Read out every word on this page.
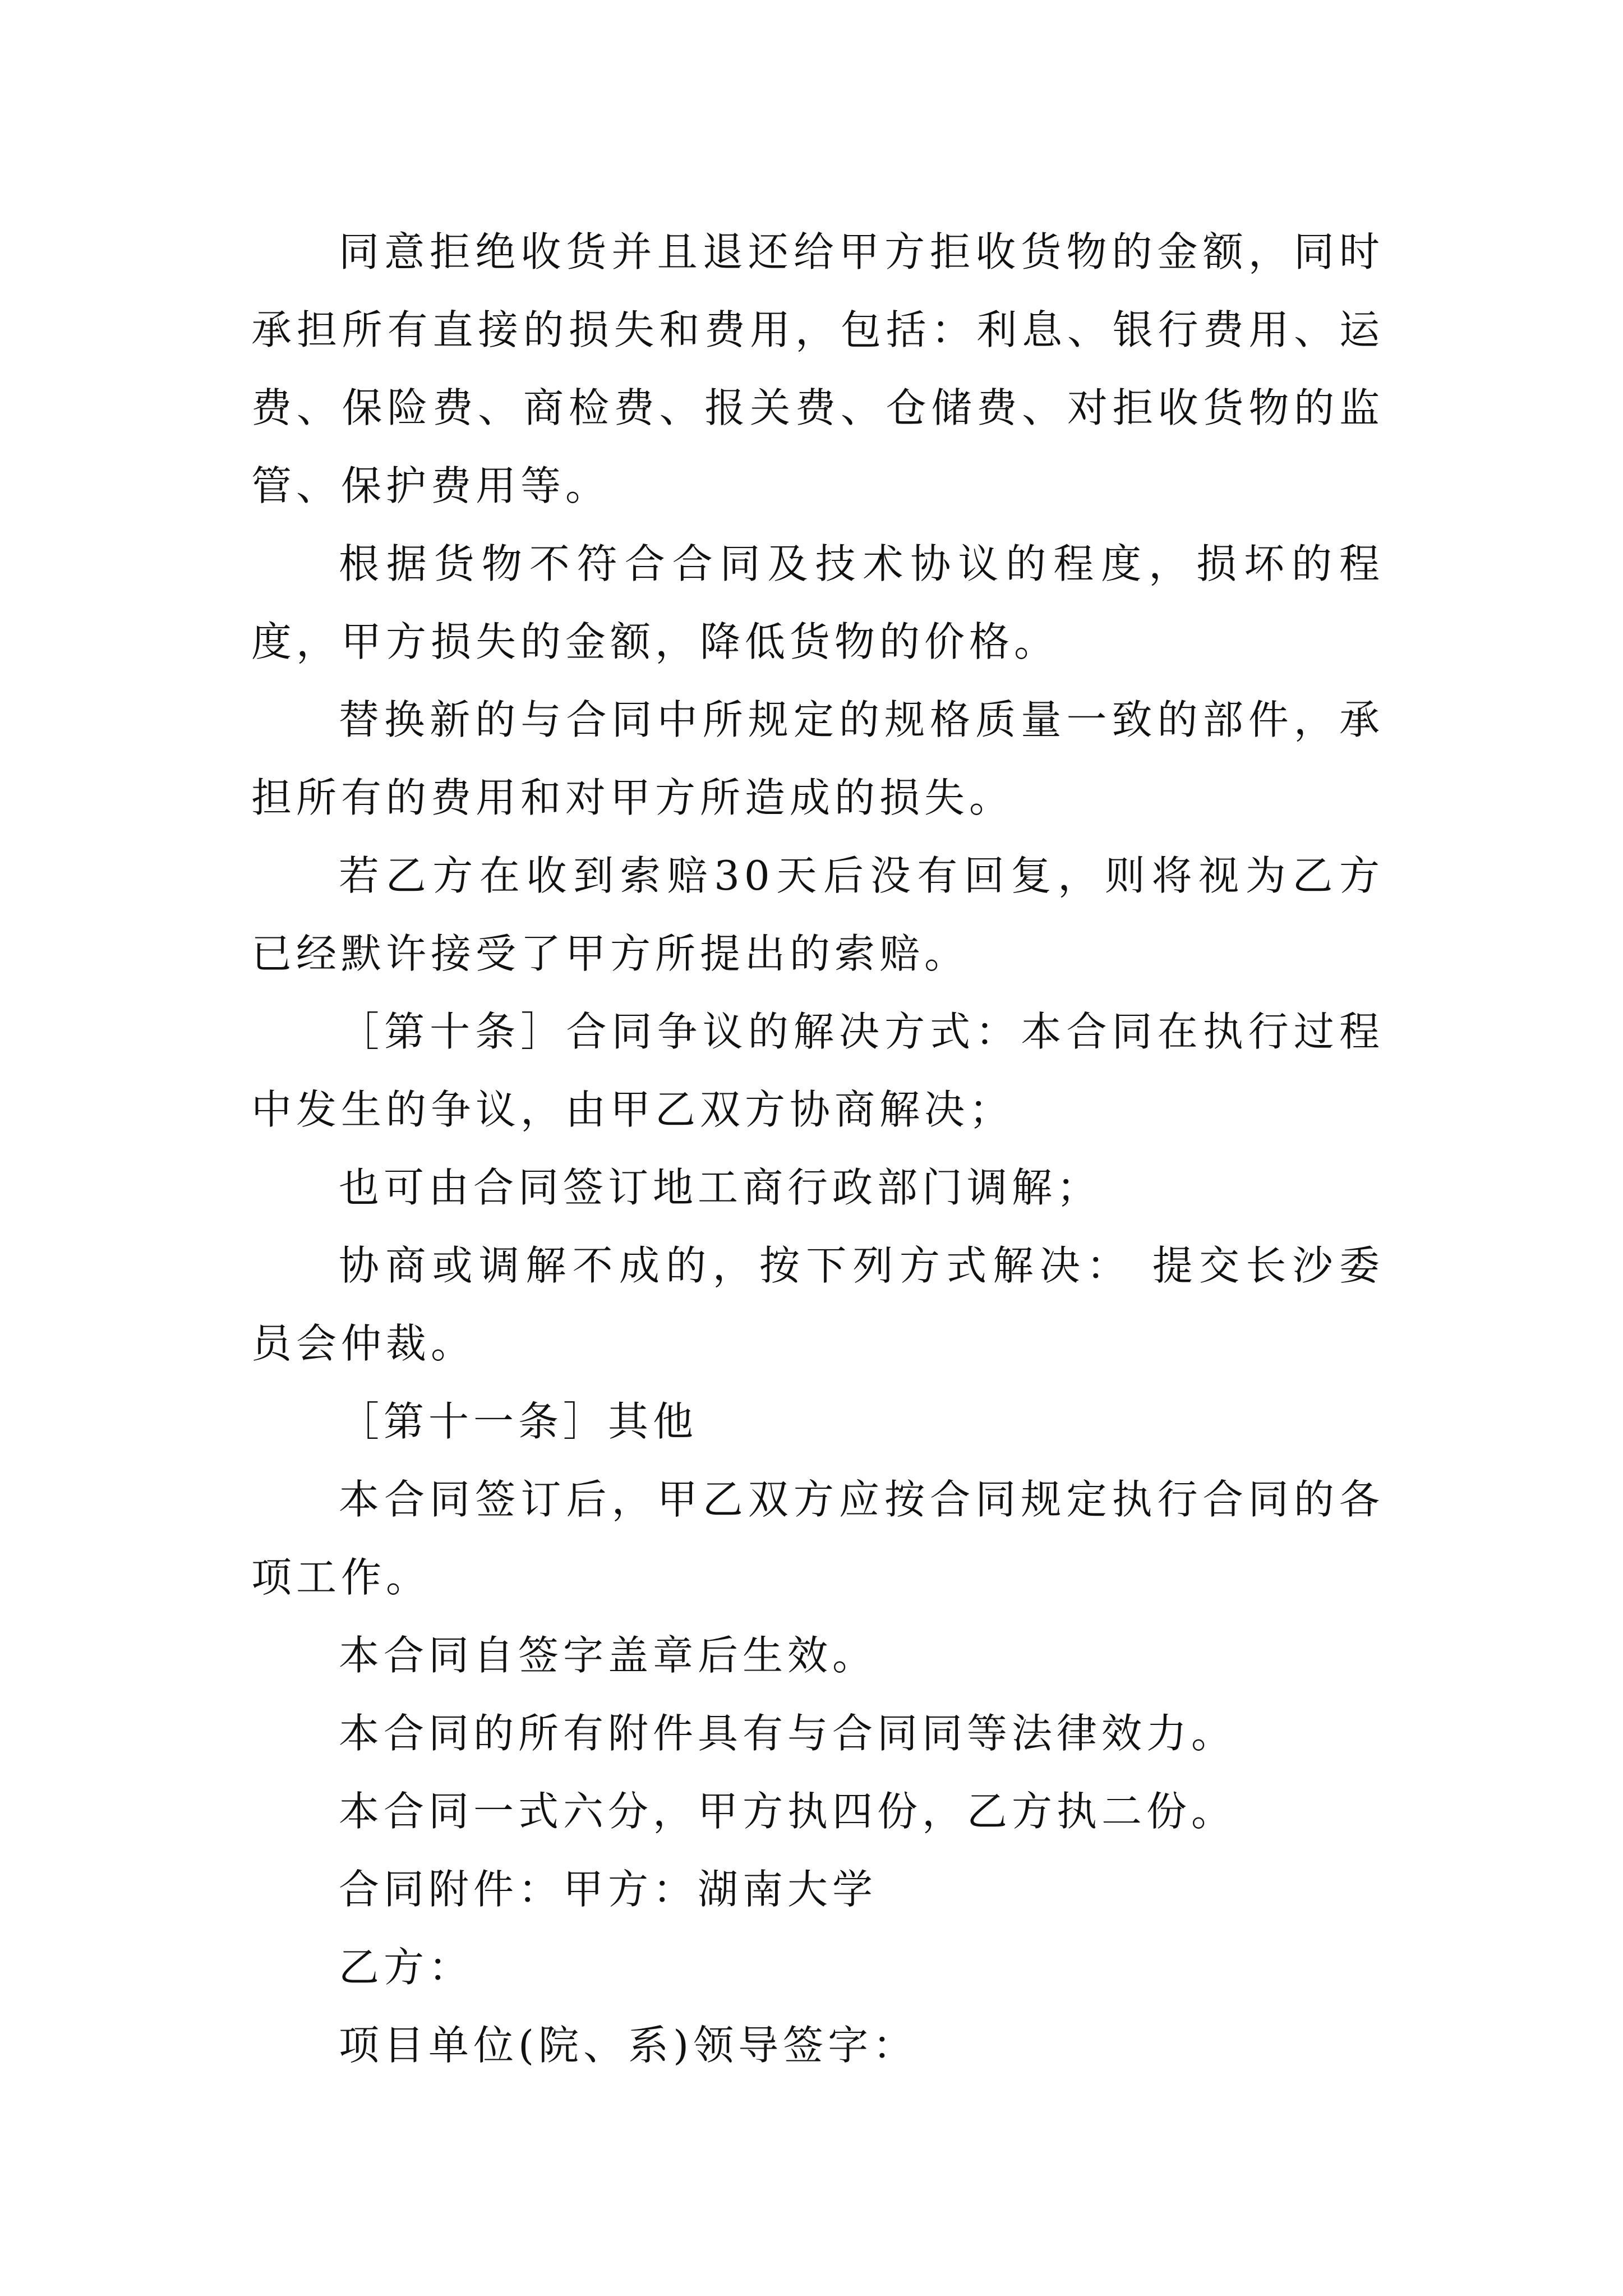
同意拒绝收货并且退还给甲方拒收货物的金额，同时承担所有直接的损失和费用，包括：利息、银行费用、运费、保险费、商检费、报关费、仓储费、对拒收货物的监管、保护费用等。

根据货物不符合合同及技术协议的程度，损坏的程度，甲方损失的金额，降低货物的价格。

替换新的与合同中所规定的规格质量一致的部件，承担所有的费用和对甲方所造成的损失。

若乙方在收到索赔30天后没有回复，则将视为乙方已经默许接受了甲方所提出的索赔。

［第十条］合同争议的解决方式：本合同在执行过程中发生的争议，由甲乙双方协商解决；

也可由合同签订地工商行政部门调解；

协商或调解不成的，按下列方式解决： 提交长沙委员会仲裁。

［第十一条］其他

本合同签订后，甲乙双方应按合同规定执行合同的各项工作。

本合同自签字盖章后生效。

本合同的所有附件具有与合同同等法律效力。

本合同一式六分，甲方执四份，乙方执二份。

合同附件：甲方：湖南大学

乙方：

项目单位(院、系)领导签字：
